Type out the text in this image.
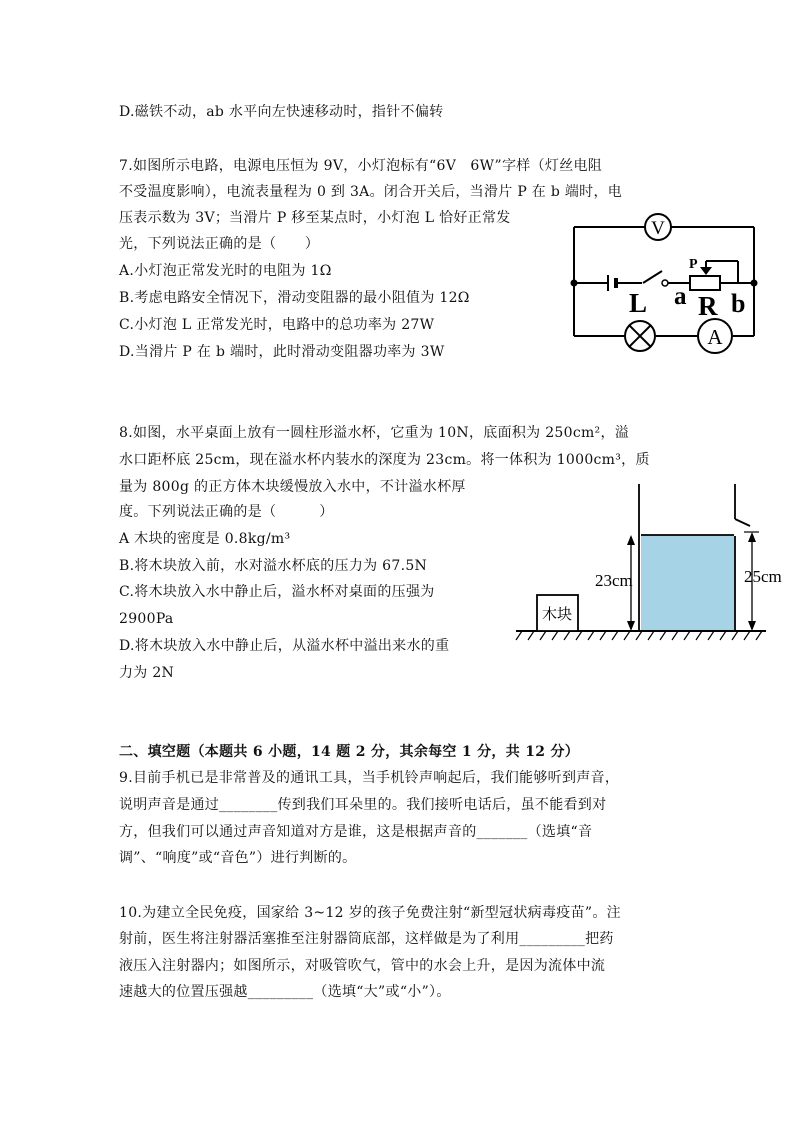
D.磁铁不动，ab 水平向左快速移动时，指针不偏转
7.如图所示电路，电源电压恒为 9V，小灯泡标有“6V　6W”字样（灯丝电阻
不受温度影响），电流表量程为 0 到 3A。闭合开关后，当滑片 P 在 b 端时，电
压表示数为 3V；当滑片 P 移至某点时，小灯泡 L 恰好正常发
光，下列说法正确的是（　　）
A.小灯泡正常发光时的电阻为 1Ω
B.考虑电路安全情况下，滑动变阻器的最小阻值为 12Ω
C.小灯泡 L 正常发光时，电路中的总功率为 27W
D.当滑片 P 在 b 端时，此时滑动变阻器功率为 3W
V
A
P
L a R b
8.如图，水平桌面上放有一圆柱形溢水杯，它重为 10N，底面积为 250cm²，溢
水口距杯底 25cm，现在溢水杯内装水的深度为 23cm。将一体积为 1000cm³，质
量为 800g 的正方体木块缓慢放入水中，不计溢水杯厚
度。下列说法正确的是（　　　）
A 木块的密度是 0.8kg/m³
B.将木块放入前，水对溢水杯底的压力为 67.5N
C.将木块放入水中静止后，溢水杯对桌面的压强为
2900Pa
D.将木块放入水中静止后，从溢水杯中溢出来水的重
力为 2N
23cm	25cm
木块
二、填空题（本题共 6 小题，14 题 2 分，其余每空 1 分，共 12 分）
9.目前手机已是非常普及的通讯工具，当手机铃声响起后，我们能够听到声音，
说明声音是通过________传到我们耳朵里的。我们接听电话后，虽不能看到对
方，但我们可以通过声音知道对方是谁，这是根据声音的_______（选填“音
调”、“响度”或“音色”）进行判断的。
10.为建立全民免疫，国家给 3~12 岁的孩子免费注射“新型冠状病毒疫苗”。注
射前，医生将注射器活塞推至注射器筒底部，这样做是为了利用_________把药
液压入注射器内；如图所示，对吸管吹气，管中的水会上升，是因为流体中流
速越大的位置压强越_________（选填“大”或“小”）。
